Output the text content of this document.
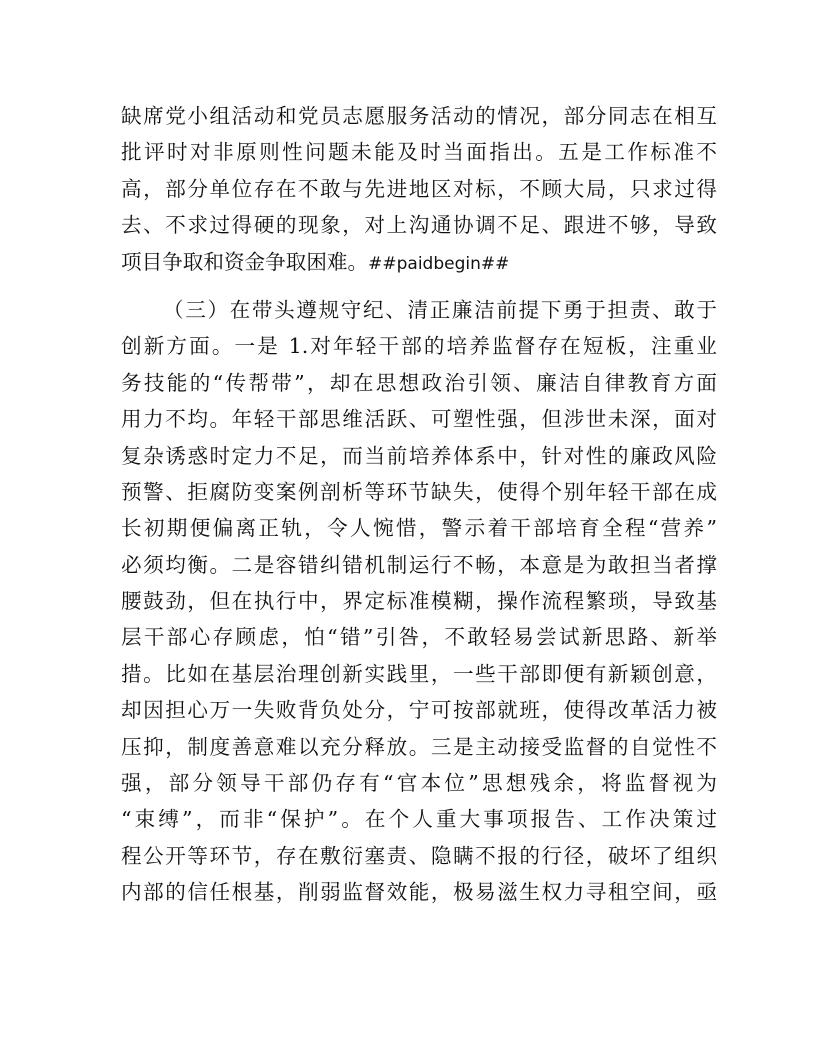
缺席党小组活动和党员志愿服务活动的情况，部分同志在相互
批评时对非原则性问题未能及时当面指出。五是工作标准不
高，部分单位存在不敢与先进地区对标，不顾大局，只求过得
去、不求过得硬的现象，对上沟通协调不足、跟进不够，导致
项目争取和资金争取困难。##paidbegin##
（三）在带头遵规守纪、清正廉洁前提下勇于担责、敢于
创新方面。一是 1.对年轻干部的培养监督存在短板，注重业
务技能的“传帮带”，却在思想政治引领、廉洁自律教育方面
用力不均。年轻干部思维活跃、可塑性强，但涉世未深，面对
复杂诱惑时定力不足，而当前培养体系中，针对性的廉政风险
预警、拒腐防变案例剖析等环节缺失，使得个别年轻干部在成
长初期便偏离正轨，令人惋惜，警示着干部培育全程“营养”
必须均衡。二是容错纠错机制运行不畅，本意是为敢担当者撑
腰鼓劲，但在执行中，界定标准模糊，操作流程繁琐，导致基
层干部心存顾虑，怕“错”引咎，不敢轻易尝试新思路、新举
措。比如在基层治理创新实践里，一些干部即便有新颖创意，
却因担心万一失败背负处分，宁可按部就班，使得改革活力被
压抑，制度善意难以充分释放。三是主动接受监督的自觉性不
强，部分领导干部仍存有“官本位”思想残余，将监督视为
“束缚”，而非“保护”。在个人重大事项报告、工作决策过
程公开等环节，存在敷衍塞责、隐瞒不报的行径，破坏了组织
内部的信任根基，削弱监督效能，极易滋生权力寻租空间，亟
